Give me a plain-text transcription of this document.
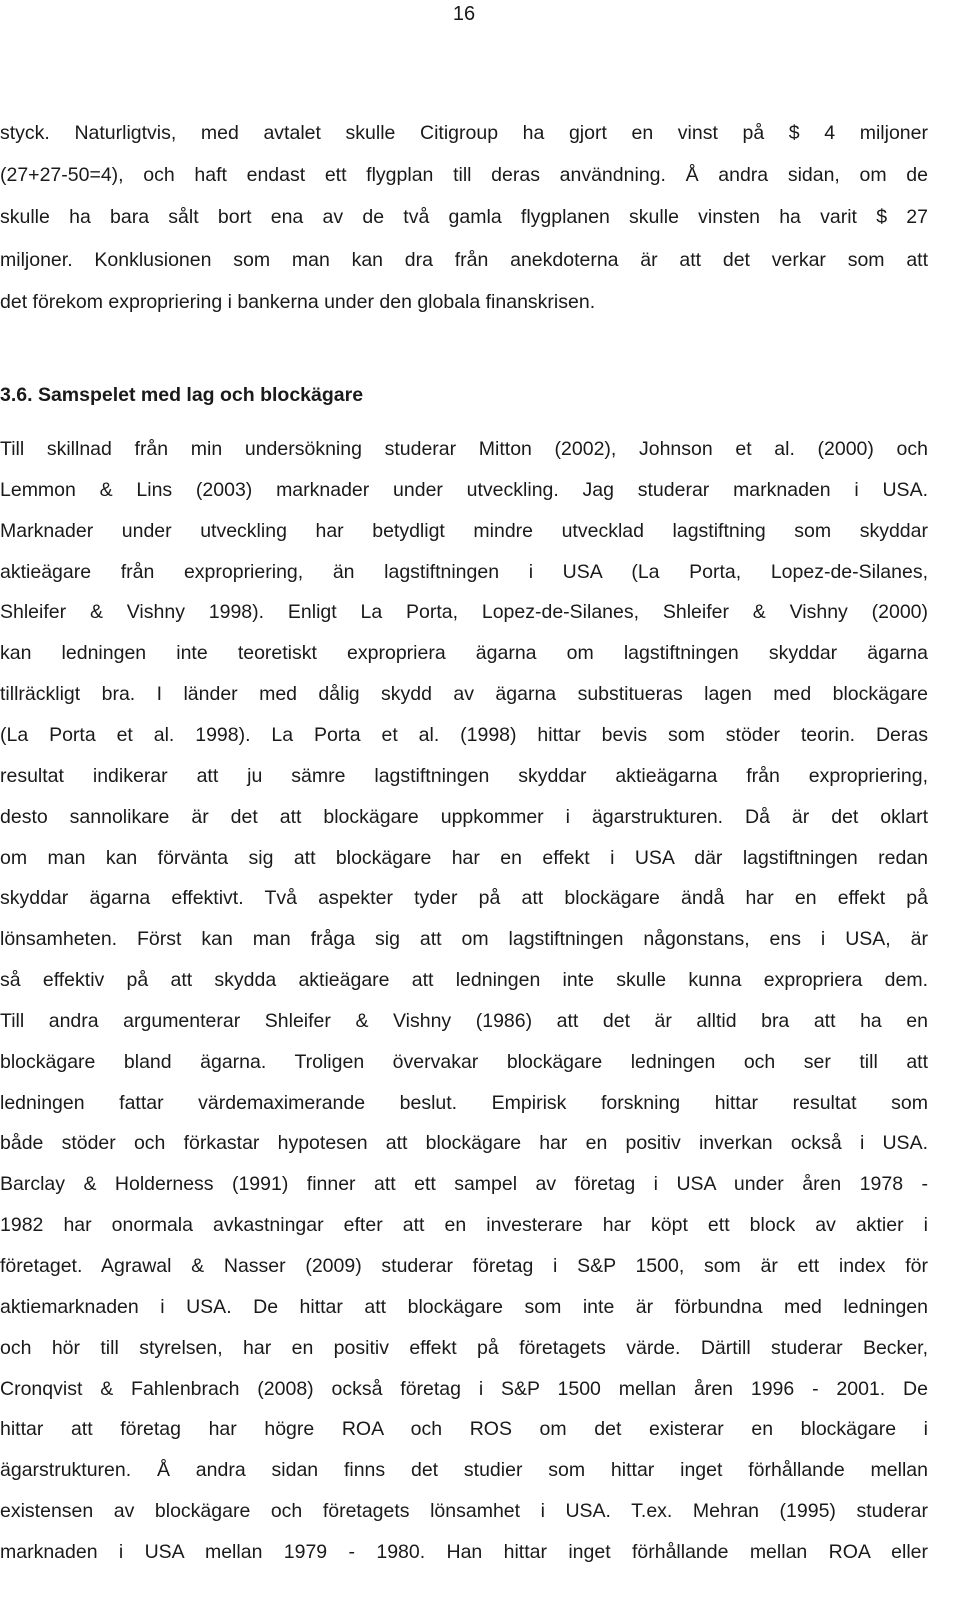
16
styck. Naturligtvis, med avtalet skulle Citigroup ha gjort en vinst på $ 4 miljoner
(27+27-50=4), och haft endast ett flygplan till deras användning. Å andra sidan, om de
skulle ha bara sålt bort ena av de två gamla flygplanen skulle vinsten ha varit $ 27
miljoner. Konklusionen som man kan dra från anekdoterna är att det verkar som att
det förekom expropriering i bankerna under den globala finanskrisen.
3.6. Samspelet med lag och blockägare
Till skillnad från min undersökning studerar Mitton (2002), Johnson et al. (2000) och
Lemmon & Lins (2003) marknader under utveckling. Jag studerar marknaden i USA.
Marknader under utveckling har betydligt mindre utvecklad lagstiftning som skyddar
aktieägare från expropriering, än lagstiftningen i USA (La Porta, Lopez-de-Silanes,
Shleifer & Vishny 1998). Enligt La Porta, Lopez-de-Silanes, Shleifer & Vishny (2000)
kan ledningen inte teoretiskt expropriera ägarna om lagstiftningen skyddar ägarna
tillräckligt bra. I länder med dålig skydd av ägarna substitueras lagen med blockägare
(La Porta et al. 1998). La Porta et al. (1998) hittar bevis som stöder teorin. Deras
resultat indikerar att ju sämre lagstiftningen skyddar aktieägarna från expropriering,
desto sannolikare är det att blockägare uppkommer i ägarstrukturen. Då är det oklart
om man kan förvänta sig att blockägare har en effekt i USA där lagstiftningen redan
skyddar ägarna effektivt. Två aspekter tyder på att blockägare ändå har en effekt på
lönsamheten. Först kan man fråga sig att om lagstiftningen någonstans, ens i USA, är
så effektiv på att skydda aktieägare att ledningen inte skulle kunna expropriera dem.
Till andra argumenterar Shleifer & Vishny (1986) att det är alltid bra att ha en
blockägare bland ägarna. Troligen övervakar blockägare ledningen och ser till att
ledningen fattar värdemaximerande beslut. Empirisk forskning hittar resultat som
både stöder och förkastar hypotesen att blockägare har en positiv inverkan också i USA.
Barclay & Holderness (1991) finner att ett sampel av företag i USA under åren 1978 -
1982 har onormala avkastningar efter att en investerare har köpt ett block av aktier i
företaget. Agrawal & Nasser (2009) studerar företag i S&P 1500, som är ett index för
aktiemarknaden i USA. De hittar att blockägare som inte är förbundna med ledningen
och hör till styrelsen, har en positiv effekt på företagets värde. Därtill studerar Becker,
Cronqvist & Fahlenbrach (2008) också företag i S&P 1500 mellan åren 1996 - 2001. De
hittar att företag har högre ROA och ROS om det existerar en blockägare i
ägarstrukturen. Å andra sidan finns det studier som hittar inget förhållande mellan
existensen av blockägare och företagets lönsamhet i USA. T.ex. Mehran (1995) studerar
marknaden i USA mellan 1979 - 1980. Han hittar inget förhållande mellan ROA eller
